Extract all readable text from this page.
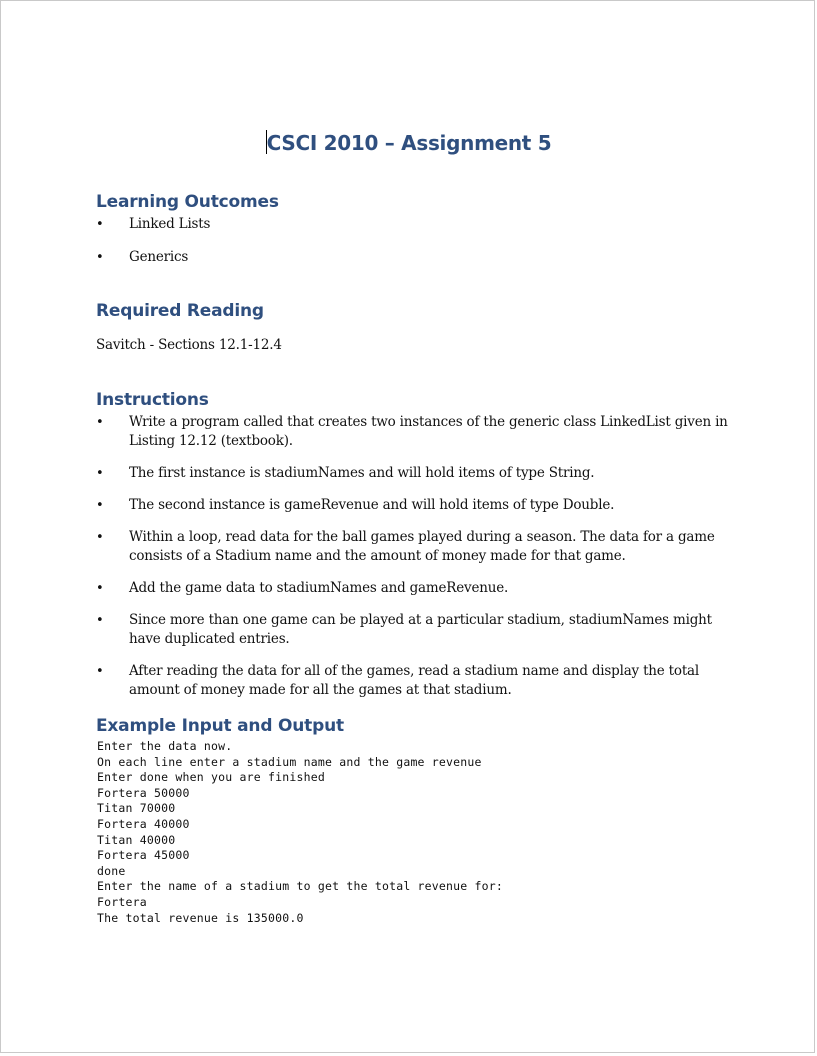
CSCI 2010 – Assignment 5
Learning Outcomes
• Linked Lists
• Generics
Required Reading
Savitch - Sections 12.1-12.4
Instructions
• Write a program called that creates two instances of the generic class LinkedList given in Listing 12.12 (textbook).
• The first instance is stadiumNames and will hold items of type String.
• The second instance is gameRevenue and will hold items of type Double.
• Within a loop, read data for the ball games played during a season. The data for a game consists of a Stadium name and the amount of money made for that game.
• Add the game data to stadiumNames and gameRevenue.
• Since more than one game can be played at a particular stadium, stadiumNames might have duplicated entries.
• After reading the data for all of the games, read a stadium name and display the total amount of money made for all the games at that stadium.
Example Input and Output
Enter the data now.
On each line enter a stadium name and the game revenue
Enter done when you are finished
Fortera 50000
Titan 70000
Fortera 40000
Titan 40000
Fortera 45000
done
Enter the name of a stadium to get the total revenue for:
Fortera
The total revenue is 135000.0
